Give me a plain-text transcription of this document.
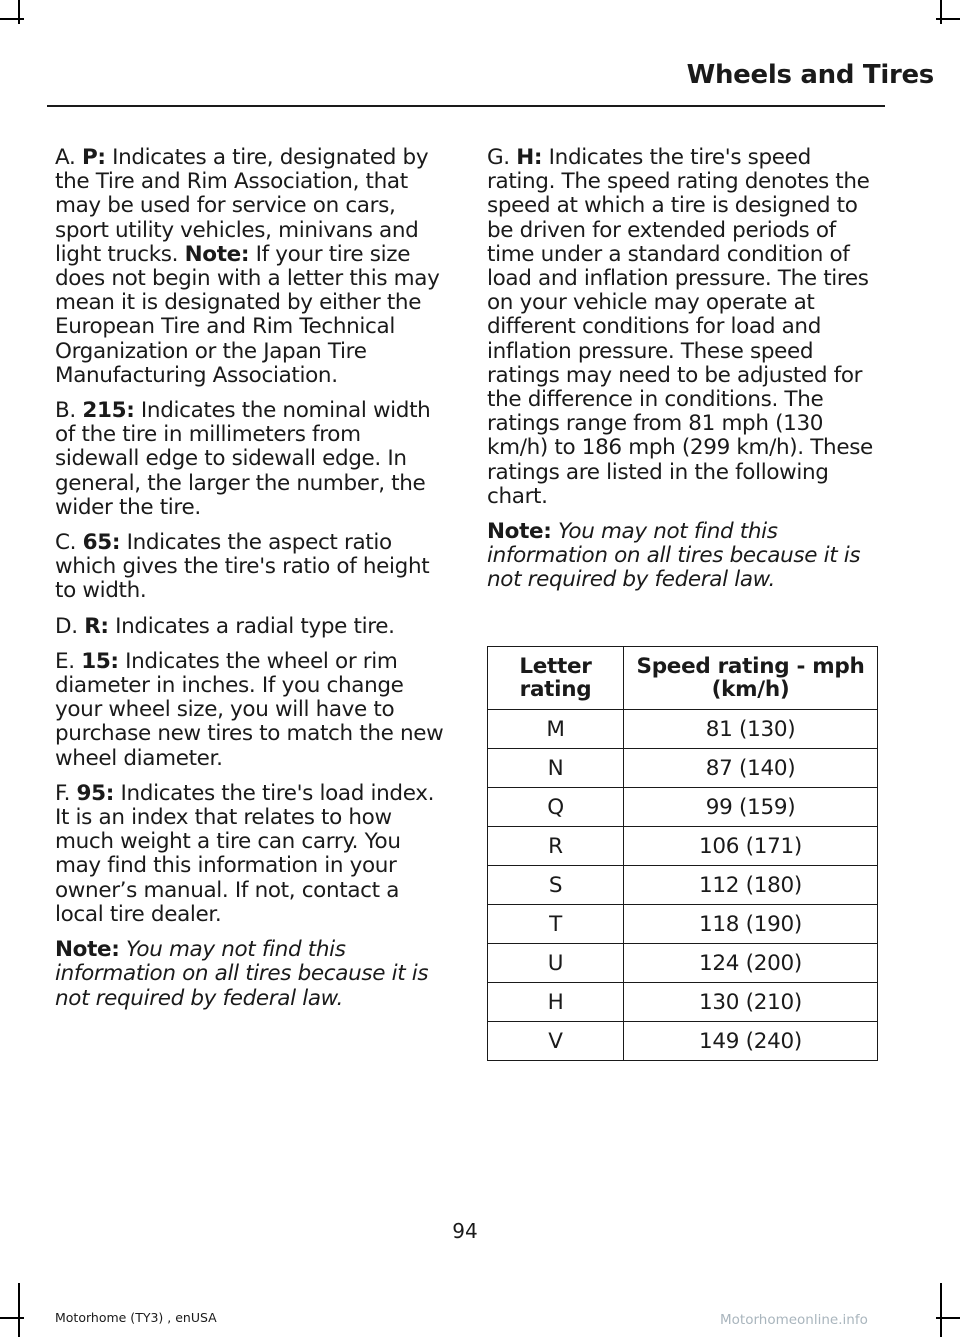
Wheels and Tires

A. P: Indicates a tire, designated by the Tire and Rim Association, that may be used for service on cars, sport utility vehicles, minivans and light trucks. Note: If your tire size does not begin with a letter this may mean it is designated by either the European Tire and Rim Technical Organization or the Japan Tire Manufacturing Association.

B. 215: Indicates the nominal width of the tire in millimeters from sidewall edge to sidewall edge. In general, the larger the number, the wider the tire.

C. 65: Indicates the aspect ratio which gives the tire's ratio of height to width.

D. R: Indicates a radial type tire.

E. 15: Indicates the wheel or rim diameter in inches. If you change your wheel size, you will have to purchase new tires to match the new wheel diameter.

F. 95: Indicates the tire's load index. It is an index that relates to how much weight a tire can carry. You may find this information in your owner’s manual. If not, contact a local tire dealer.

Note: You may not find this information on all tires because it is not required by federal law.

G. H: Indicates the tire's speed rating. The speed rating denotes the speed at which a tire is designed to be driven for extended periods of time under a standard condition of load and inflation pressure. The tires on your vehicle may operate at different conditions for load and inflation pressure. These speed ratings may need to be adjusted for the difference in conditions. The ratings range from 81 mph (130 km/h) to 186 mph (299 km/h). These ratings are listed in the following chart.

Note: You may not find this information on all tires because it is not required by federal law.

Letter rating	Speed rating - mph (km/h)
M	81 (130)
N	87 (140)
Q	99 (159)
R	106 (171)
S	112 (180)
T	118 (190)
U	124 (200)
H	130 (210)
V	149 (240)
94
Motorhome (TY3) , enUSA	Motorhomeonline.info
